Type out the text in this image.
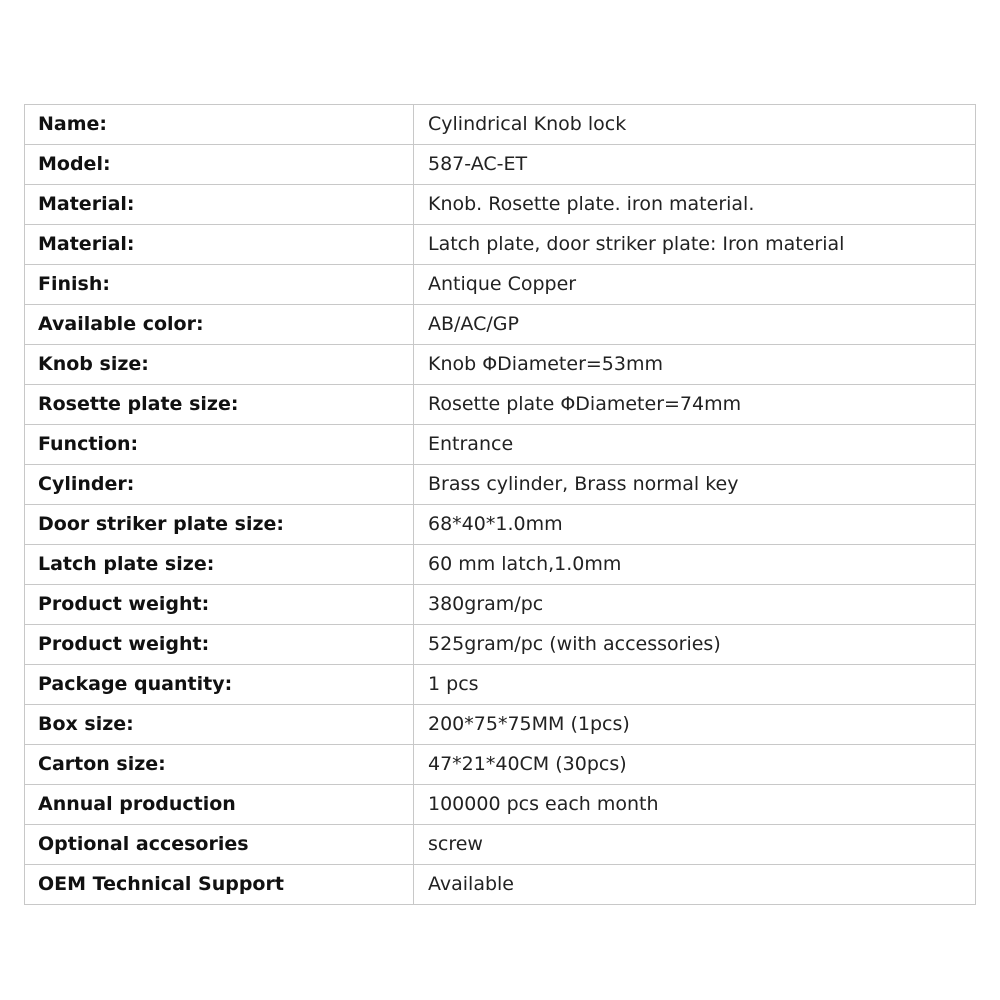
Name:	Cylindrical Knob lock
Model:	587-AC-ET
Material:	Knob. Rosette plate. iron material.
Material:	Latch plate, door striker plate: Iron material
Finish:	Antique Copper
Available color:	AB/AC/GP
Knob size:	Knob ΦDiameter=53mm
Rosette plate size:	Rosette plate ΦDiameter=74mm
Function:	Entrance
Cylinder:	Brass cylinder, Brass normal key
Door striker plate size:	68*40*1.0mm
Latch plate size:	60 mm latch,1.0mm
Product weight:	380gram/pc
Product weight:	525gram/pc (with accessories)
Package quantity:	1 pcs
Box size:	200*75*75MM (1pcs)
Carton size:	47*21*40CM (30pcs)
Annual production	100000 pcs each month
Optional accesories	screw
OEM Technical Support	Available
